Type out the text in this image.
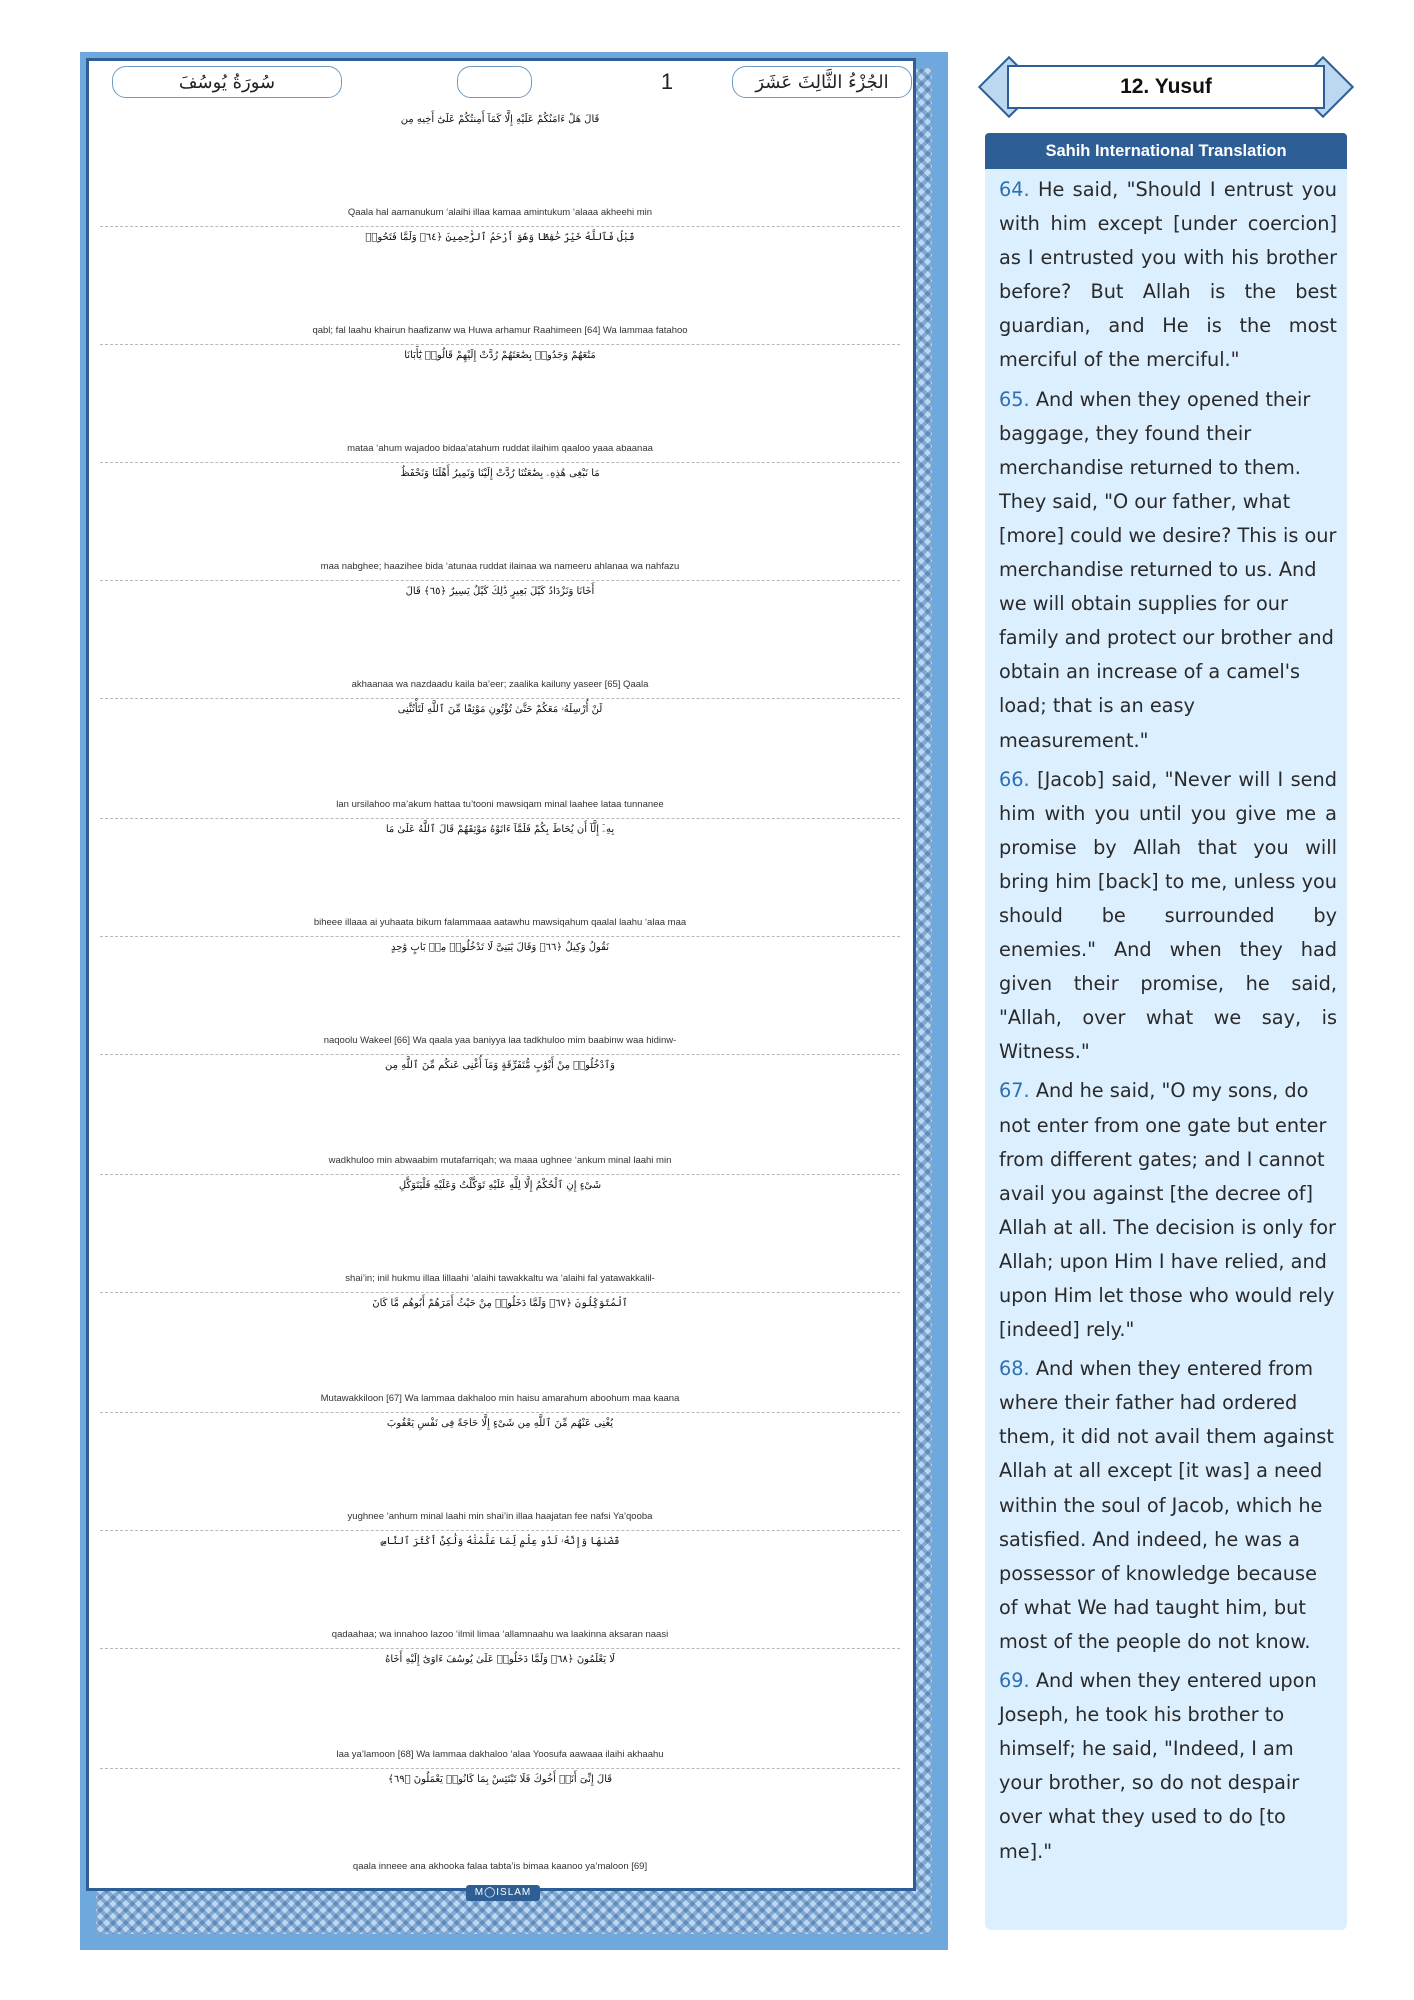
سُورَةُ يُوسُفَ	1	الجُزْءُ الثَّالِثَ عَشَرَ
قَالَ هَلْ ءَامَنُكُمْ عَلَيْهِ إِلَّا كَمَآ أَمِنتُكُمْ عَلَىٰٓ أَخِيهِ مِن
Qaala hal aamanukum ‘alaihi illaa kamaa amintukum ‘alaaa akheehi min
قَبْلُ فَٱللَّهُ خَيْرٌ حَٰفِظًا وَهُوَ أَرْحَمُ ٱلرَّٰحِمِينَ ﴿٦٤﴾ وَلَمَّا فَتَحُوا۟
qabl; fal laahu khairun haafizanw wa Huwa arhamur Raahimeen [64] Wa lammaa fatahoo
مَتَٰعَهُمْ وَجَدُوا۟ بِضَٰعَتَهُمْ رُدَّتْ إِلَيْهِمْ قَالُوا۟ يَٰٓأَبَانَا
mataa ‘ahum wajadoo bidaa’atahum ruddat ilaihim qaaloo yaaa abaanaa
مَا نَبْغِى هَٰذِهِۦ بِضَٰعَتُنَا رُدَّتْ إِلَيْنَا وَنَمِيرُ أَهْلَنَا وَنَحْفَظُ
maa nabghee; haazihee bida ‘atunaa ruddat ilainaa wa nameeru ahlanaa wa nahfazu
أَخَانَا وَنَزْدَادُ كَيْلَ بَعِيرٍ ذَٰلِكَ كَيْلٌ يَسِيرٌ ﴿٦٥﴾ قَالَ
akhaanaa wa nazdaadu kaila ba’eer; zaalika kailuny yaseer [65] Qaala
لَنْ أُرْسِلَهُۥ مَعَكُمْ حَتَّىٰ تُؤْتُونِ مَوْثِقًا مِّنَ ٱللَّهِ لَتَأْتُنَّنِى
lan ursilahoo ma’akum hattaa tu’tooni mawsiqam minal laahee lataa tunnanee
بِهِۦٓ إِلَّآ أَن يُحَاطَ بِكُمْ فَلَمَّآ ءَاتَوْهُ مَوْثِقَهُمْ قَالَ ٱللَّهُ عَلَىٰ مَا
biheee illaaa ai yuhaata bikum falammaaa aatawhu mawsiqahum qaalal laahu ‘alaa maa
نَقُولُ وَكِيلٌ ﴿٦٦﴾ وَقَالَ يَٰبَنِىَّ لَا تَدْخُلُوا۟ مِنۢ بَابٍ وَٰحِدٍ
naqoolu Wakeel [66] Wa qaala yaa baniyya laa tadkhuloo mim baabinw waa hidinw-
وَٱدْخُلُوا۟ مِنْ أَبْوَٰبٍ مُّتَفَرِّقَةٍ وَمَآ أُغْنِى عَنكُم مِّنَ ٱللَّهِ مِن
wadkhuloo min abwaabim mutafarriqah; wa maaa ughnee ‘ankum minal laahi min
شَىْءٍ إِنِ ٱلْحُكْمُ إِلَّا لِلَّهِ عَلَيْهِ تَوَكَّلْتُ وَعَلَيْهِ فَلْيَتَوَكَّلِ
shai’in; inil hukmu illaa lillaahi ‘alaihi tawakkaltu wa ‘alaihi fal yatawakkalil-
ٱلْمُتَوَكِّلُونَ ﴿٦٧﴾ وَلَمَّا دَخَلُوا۟ مِنْ حَيْثُ أَمَرَهُمْ أَبُوهُم مَّا كَانَ
Mutawakkiloon [67] Wa lammaa dakhaloo min haisu amarahum aboohum maa kaana
يُغْنِى عَنْهُم مِّنَ ٱللَّهِ مِن شَىْءٍ إِلَّا حَاجَةً فِى نَفْسِ يَعْقُوبَ
yughnee ‘anhum minal laahi min shai’in illaa haajatan fee nafsi Ya’qooba
قَضَىٰهَا وَإِنَّهُۥ لَذُو عِلْمٍ لِّمَا عَلَّمْنَٰهُ وَلَٰكِنَّ أَكْثَرَ ٱلنَّاسِ
qadaahaa; wa innahoo lazoo ‘ilmil limaa ‘allamnaahu wa laakinna aksaran naasi
لَا يَعْلَمُونَ ﴿٦٨﴾ وَلَمَّا دَخَلُوا۟ عَلَىٰ يُوسُفَ ءَاوَىٰٓ إِلَيْهِ أَخَاهُ
laa ya’lamoon [68] Wa lammaa dakhaloo ‘alaa Yoosufa aawaaa ilaihi akhaahu
قَالَ إِنِّىٓ أَنَا۠ أَخُوكَ فَلَا تَبْتَئِسْ بِمَا كَانُوا۟ يَعْمَلُونَ ﴿٦٩﴾
qaala inneee ana akhooka falaa tabta’is bimaa kaanoo ya’maloon [69]
M◯ISLAM
12. Yusuf
Sahih International Translation

64. He said, "Should I entrust you with him except [under coercion] as I entrusted you with his brother before? But Allah is the best guardian, and He is the most merciful of the merciful."

65. And when they opened their baggage, they found their merchandise returned to them. They said, "O our father, what [more] could we desire? This is our merchandise returned to us. And we will obtain supplies for our family and protect our brother and obtain an increase of a camel's load; that is an easy measurement."

66. [Jacob] said, "Never will I send him with you until you give me a promise by Allah that you will bring him [back] to me, unless you should be surrounded by enemies." And when they had given their promise, he said, "Allah, over what we say, is Witness."

67. And he said, "O my sons, do not enter from one gate but enter from different gates; and I cannot avail you against [the decree of] Allah at all. The decision is only for Allah; upon Him I have relied, and upon Him let those who would rely [indeed] rely."

68. And when they entered from where their father had ordered them, it did not avail them against Allah at all except [it was] a need within the soul of Jacob, which he satisfied. And indeed, he was a possessor of knowledge because of what We had taught him, but most of the people do not know.

69. And when they entered upon Joseph, he took his brother to himself; he said, "Indeed, I am your brother, so do not despair over what they used to do [to me]."
